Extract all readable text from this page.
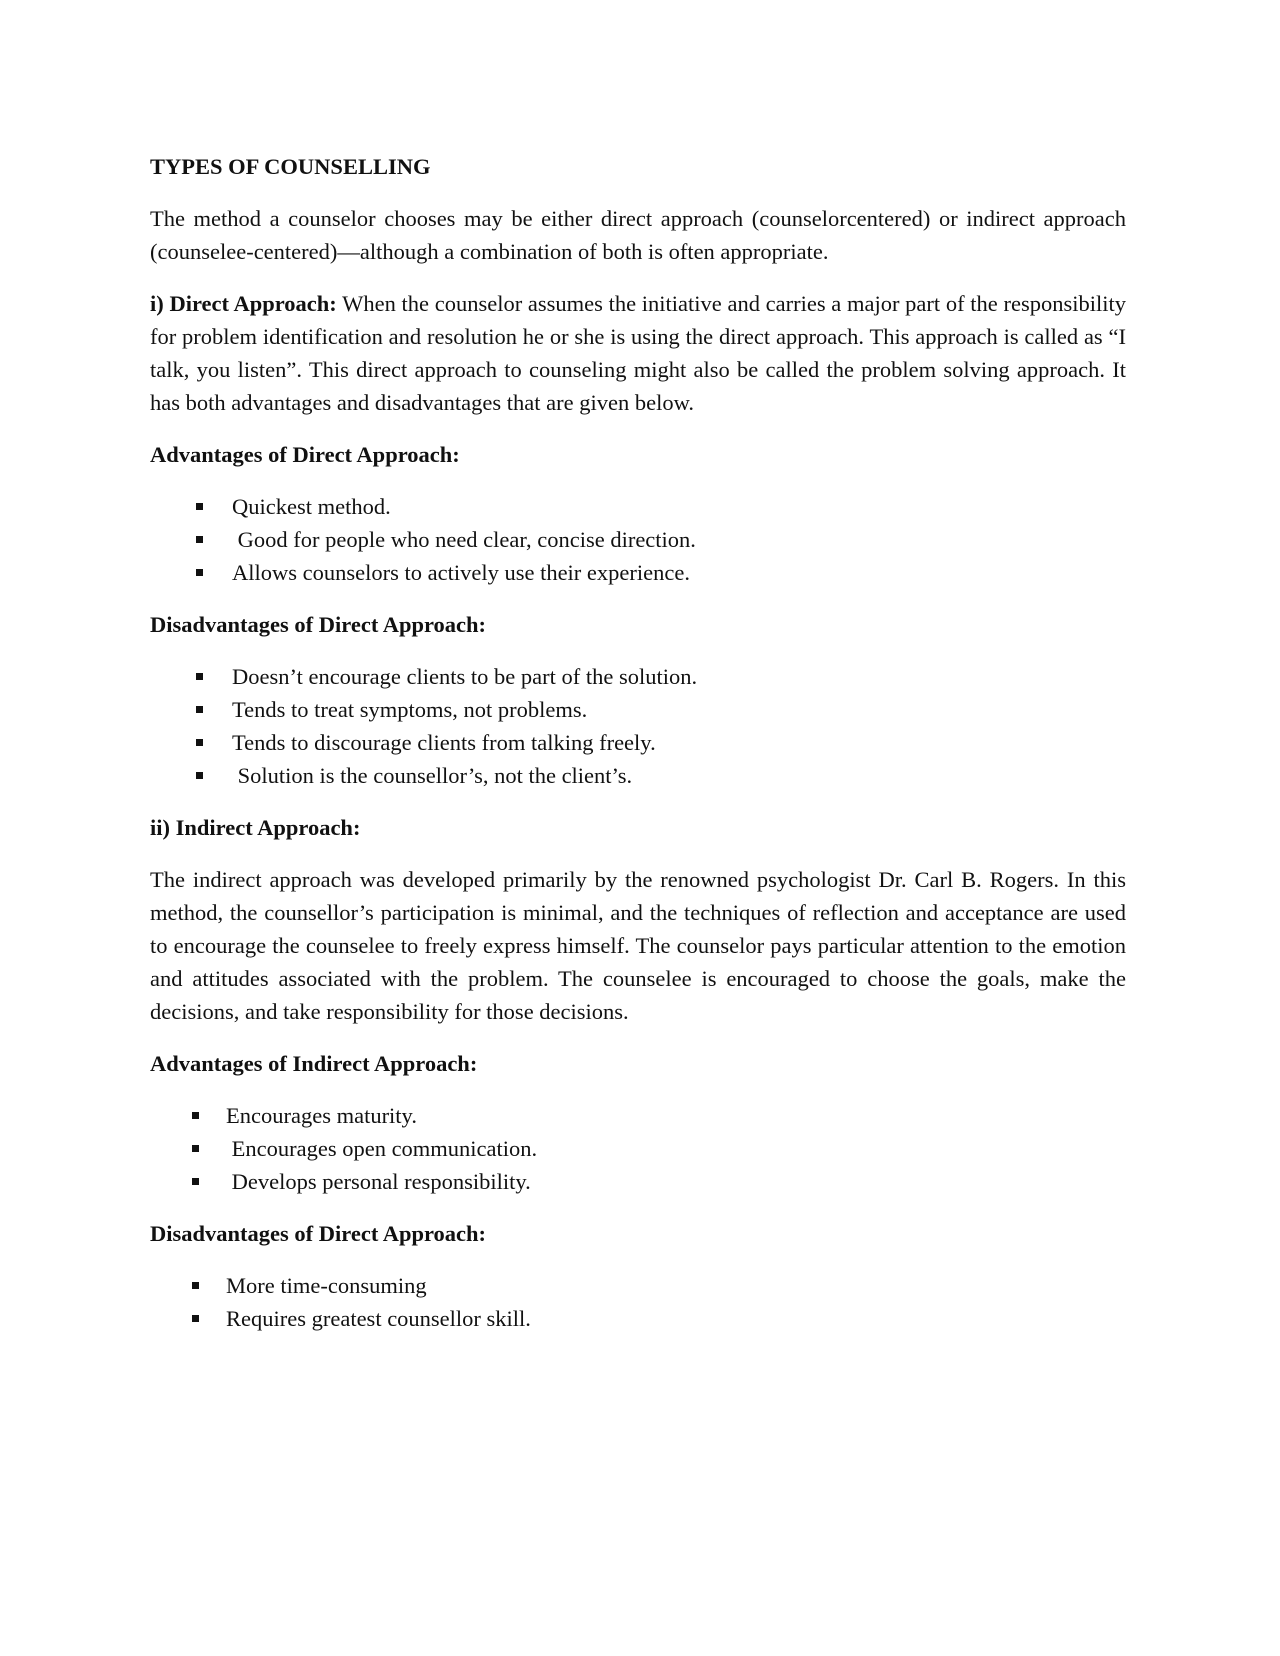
TYPES OF COUNSELLING

The method a counselor chooses may be either direct approach (counselorcentered) or indirect approach (counselee-centered)—although a combination of both is often appropriate.

i) Direct Approach: When the counselor assumes the initiative and carries a major part of the responsibility for problem identification and resolution he or she is using the direct approach. This approach is called as “I talk, you listen”. This direct approach to counseling might also be called the problem solving approach. It has both advantages and disadvantages that are given below.

Advantages of Direct Approach:
Quickest method.
Good for people who need clear, concise direction.
Allows counselors to actively use their experience.
Disadvantages of Direct Approach:
Doesn’t encourage clients to be part of the solution.
Tends to treat symptoms, not problems.
Tends to discourage clients from talking freely.
Solution is the counsellor’s, not the client’s.
ii) Indirect Approach:

The indirect approach was developed primarily by the renowned psychologist Dr. Carl B. Rogers. In this method, the counsellor’s participation is minimal, and the techniques of reflection and acceptance are used to encourage the counselee to freely express himself. The counselor pays particular attention to the emotion and attitudes associated with the problem. The counselee is encouraged to choose the goals, make the decisions, and take responsibility for those decisions.

Advantages of Indirect Approach:
Encourages maturity.
Encourages open communication.
Develops personal responsibility.
Disadvantages of Direct Approach:
More time-consuming
Requires greatest counsellor skill.
